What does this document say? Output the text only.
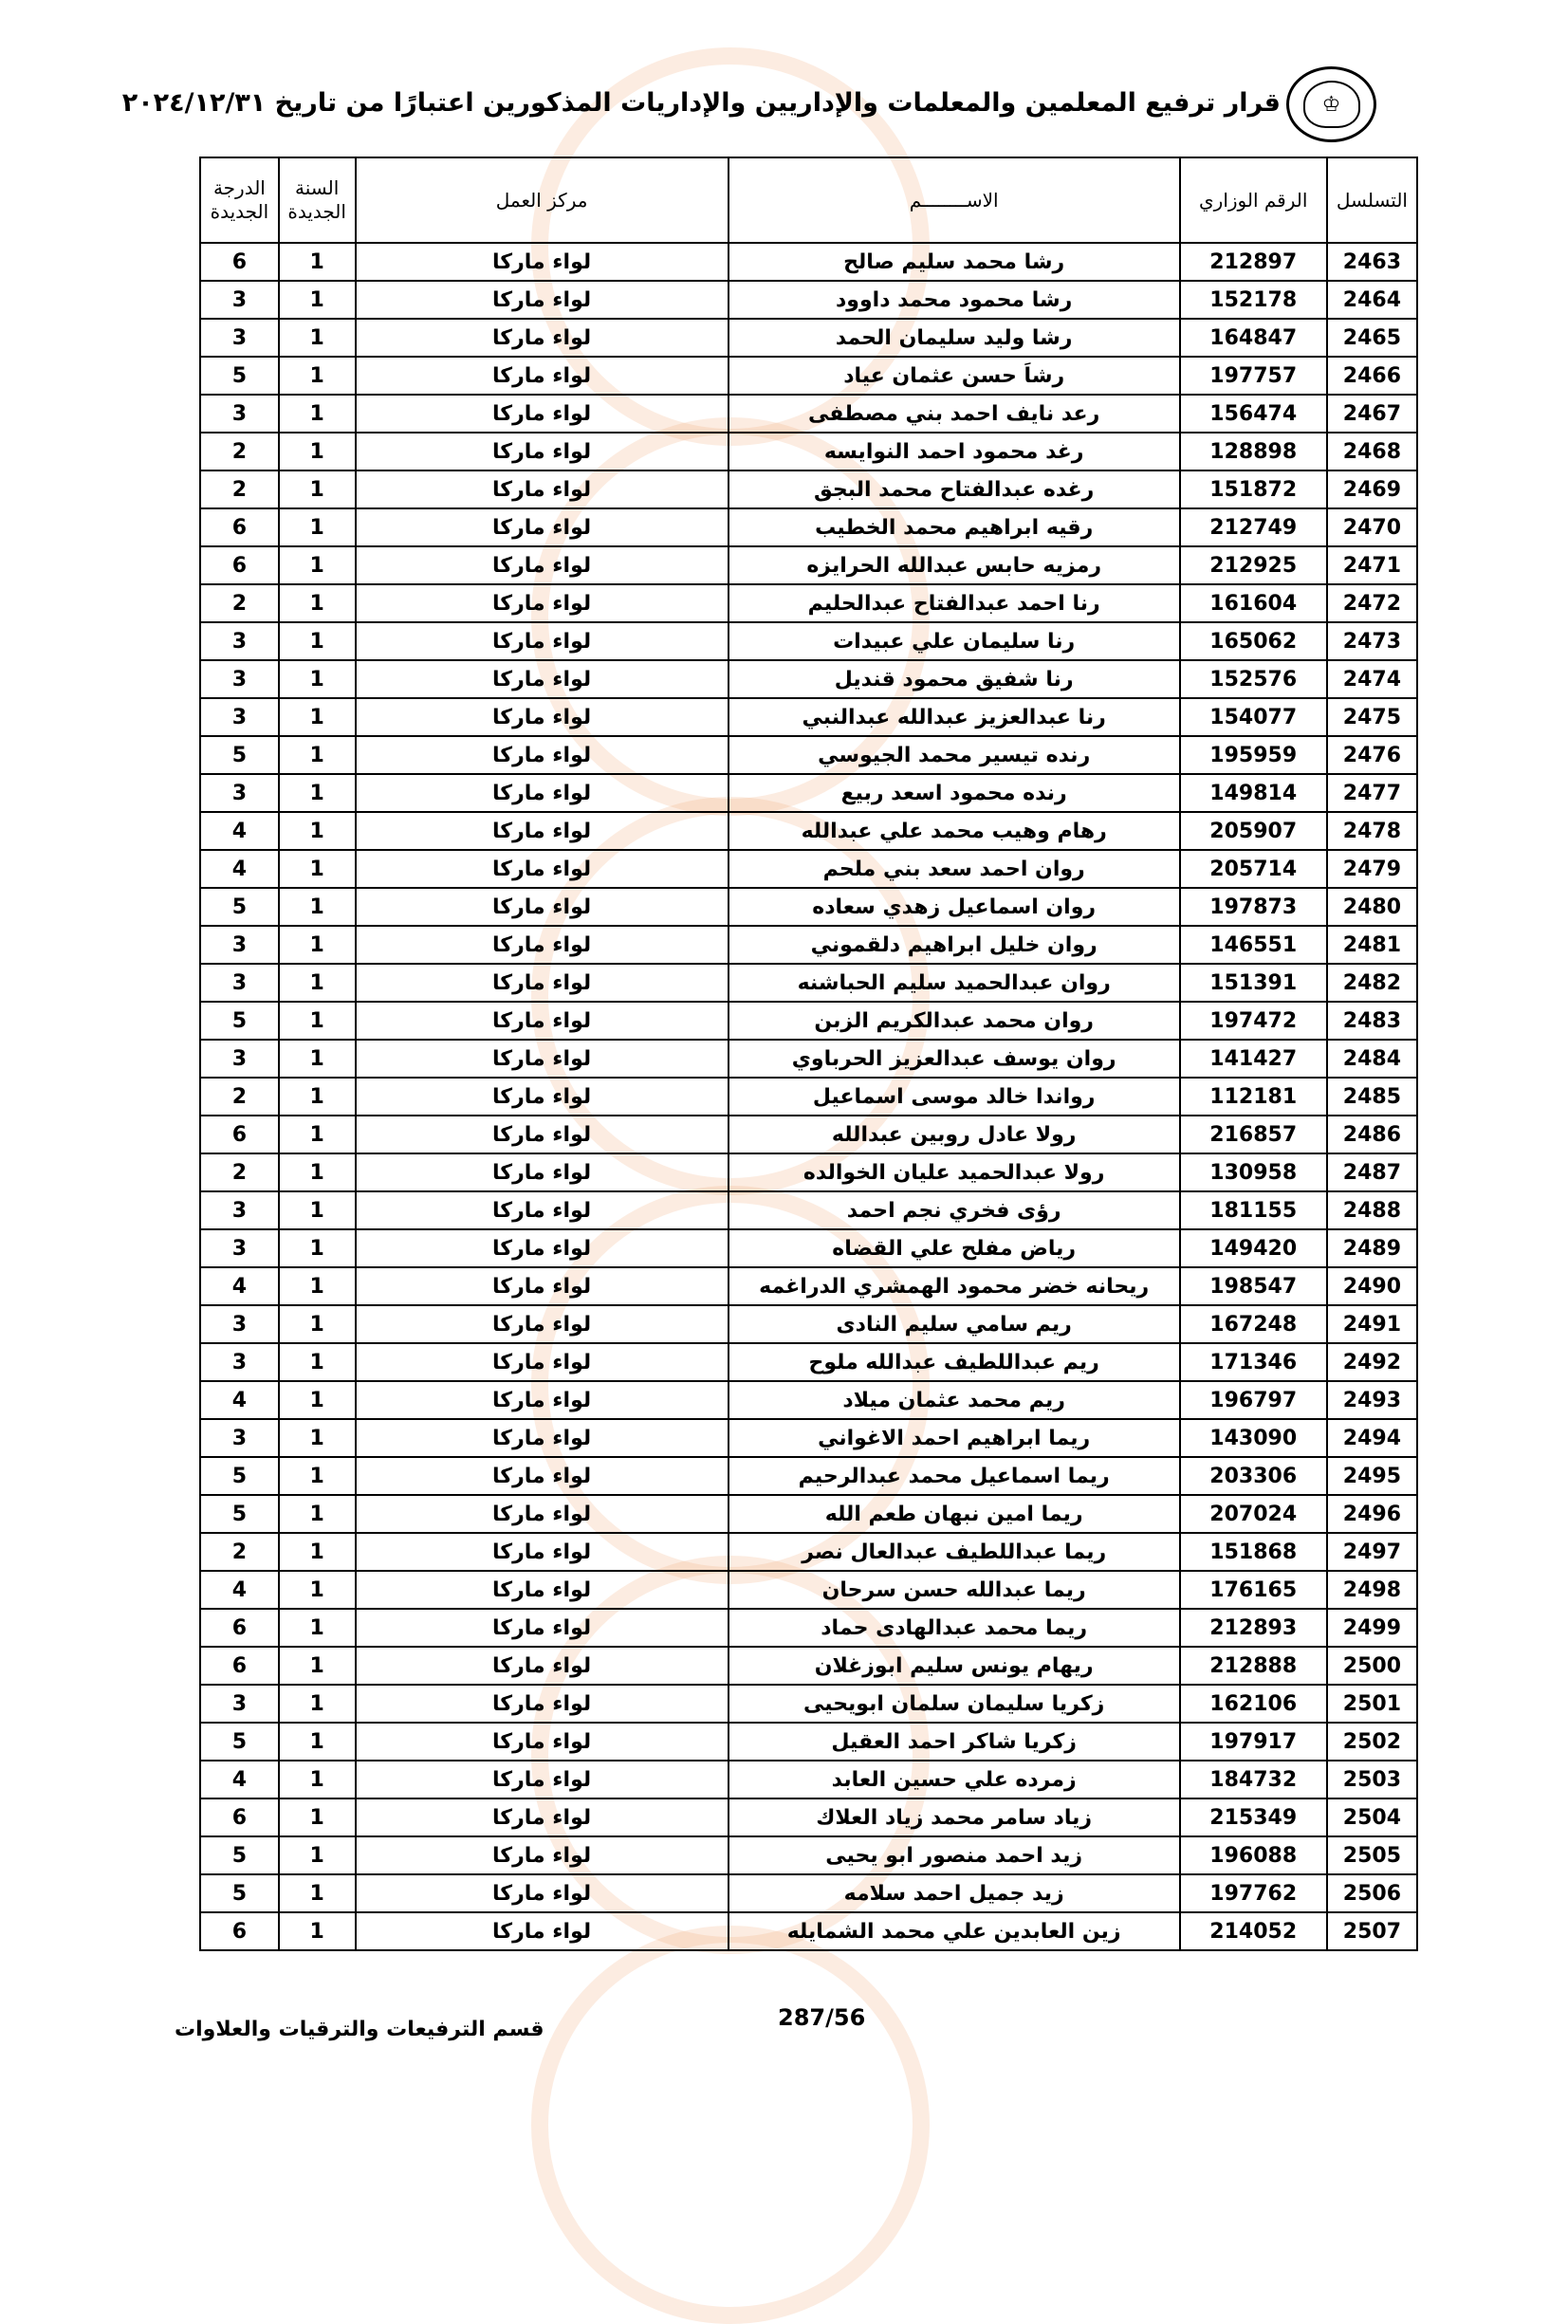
♔
قرار ترفيع المعلمين والمعلمات والإداريين والإداريات المذكورين اعتبارًا من تاريخ ٢٠٢٤/١٢/٣١
التسلسل	الرقم الوزاري	الاســــــــم	مركز العمل	السنة الجديدة	الدرجة الجديدة
2463	212897	رشا محمد سليم صالح	لواء ماركا	1	6
2464	152178	رشا محمود محمد داوود	لواء ماركا	1	3
2465	164847	رشا وليد سليمان الحمد	لواء ماركا	1	3
2466	197757	رشاَ حسن عثمان عياد	لواء ماركا	1	5
2467	156474	رعد نايف احمد بني مصطفى	لواء ماركا	1	3
2468	128898	رغد محمود احمد النوايسه	لواء ماركا	1	2
2469	151872	رغده عبدالفتاح محمد البجق	لواء ماركا	1	2
2470	212749	رقيه ابراهيم محمد الخطيب	لواء ماركا	1	6
2471	212925	رمزيه حابس عبدالله الحرايزه	لواء ماركا	1	6
2472	161604	رنا احمد عبدالفتاح عبدالحليم	لواء ماركا	1	2
2473	165062	رنا سليمان علي عبيدات	لواء ماركا	1	3
2474	152576	رنا شفيق محمود قنديل	لواء ماركا	1	3
2475	154077	رنا عبدالعزيز عبدالله عبدالنبي	لواء ماركا	1	3
2476	195959	رنده تيسير محمد الجيوسي	لواء ماركا	1	5
2477	149814	رنده محمود اسعد ربيع	لواء ماركا	1	3
2478	205907	رهام وهيب محمد علي عبدالله	لواء ماركا	1	4
2479	205714	روان احمد سعد بني ملحم	لواء ماركا	1	4
2480	197873	روان اسماعيل زهدي سعاده	لواء ماركا	1	5
2481	146551	روان خليل ابراهيم دلقموني	لواء ماركا	1	3
2482	151391	روان عبدالحميد سليم الحباشنه	لواء ماركا	1	3
2483	197472	روان محمد عبدالكريم الزبن	لواء ماركا	1	5
2484	141427	روان يوسف عبدالعزيز الحرباوي	لواء ماركا	1	3
2485	112181	رواندا خالد موسى اسماعيل	لواء ماركا	1	2
2486	216857	رولا عادل روبين عبدالله	لواء ماركا	1	6
2487	130958	رولا عبدالحميد عليان الخوالده	لواء ماركا	1	2
2488	181155	رؤى فخري نجم احمد	لواء ماركا	1	3
2489	149420	رياض مفلح علي القضاه	لواء ماركا	1	3
2490	198547	ريحانه خضر محمود الهمشري الدراغمه	لواء ماركا	1	4
2491	167248	ريم سامي سليم النادى	لواء ماركا	1	3
2492	171346	ريم عبداللطيف عبدالله ملوح	لواء ماركا	1	3
2493	196797	ريم محمد عثمان ميلاد	لواء ماركا	1	4
2494	143090	ريما ابراهيم احمد الاغواني	لواء ماركا	1	3
2495	203306	ريما اسماعيل محمد عبدالرحيم	لواء ماركا	1	5
2496	207024	ريما امين نبهان طعم الله	لواء ماركا	1	5
2497	151868	ريما عبداللطيف عبدالعال نصر	لواء ماركا	1	2
2498	176165	ريما عبدالله حسن سرحان	لواء ماركا	1	4
2499	212893	ريما محمد عبدالهادى حماد	لواء ماركا	1	6
2500	212888	ريهام يونس سليم ابوزغلان	لواء ماركا	1	6
2501	162106	زكريا سليمان سلمان ابويحيى	لواء ماركا	1	3
2502	197917	زكريا شاكر احمد العقيل	لواء ماركا	1	5
2503	184732	زمرده علي حسين العابد	لواء ماركا	1	4
2504	215349	زياد سامر محمد زياد العلاك	لواء ماركا	1	6
2505	196088	زيد احمد منصور ابو يحيى	لواء ماركا	1	5
2506	197762	زيد جميل احمد سلامه	لواء ماركا	1	5
2507	214052	زين العابدين علي محمد الشمايله	لواء ماركا	1	6
287/56
قسم الترفيعات والترقيات والعلاوات
